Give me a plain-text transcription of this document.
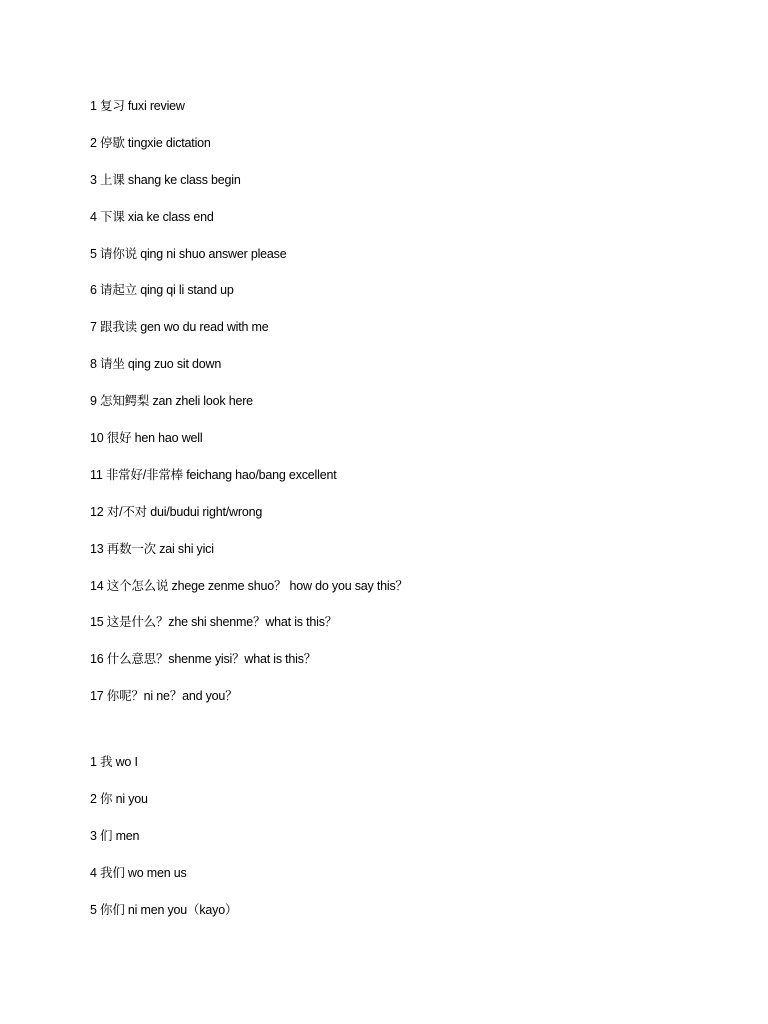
1 复习 fuxi review
2 停歇 tingxie dictation
3 上课 shang ke class begin
4 下课 xia ke class end
5 请你说 qing ni shuo answer please
6 请起立 qing qi li stand up
7 跟我读 gen wo du read with me
8 请坐 qing zuo sit down
9 怎知鳄梨 zan zheli look here
10 很好 hen hao well
11 非常好/非常棒 feichang hao/bang excellent
12 对/不对 dui/budui right/wrong
13 再数一次 zai shi yici
14 这个怎么说 zhege zenme shuo？ how do you say this？
15 这是什么？zhe shi shenme？what is this？
16 什么意思？shenme yisi？what is this？
17 你呢？ni ne？and you？
1 我 wo I
2 你 ni you
3 们 men
4 我们 wo men us
5 你们 ni men you（kayo）
